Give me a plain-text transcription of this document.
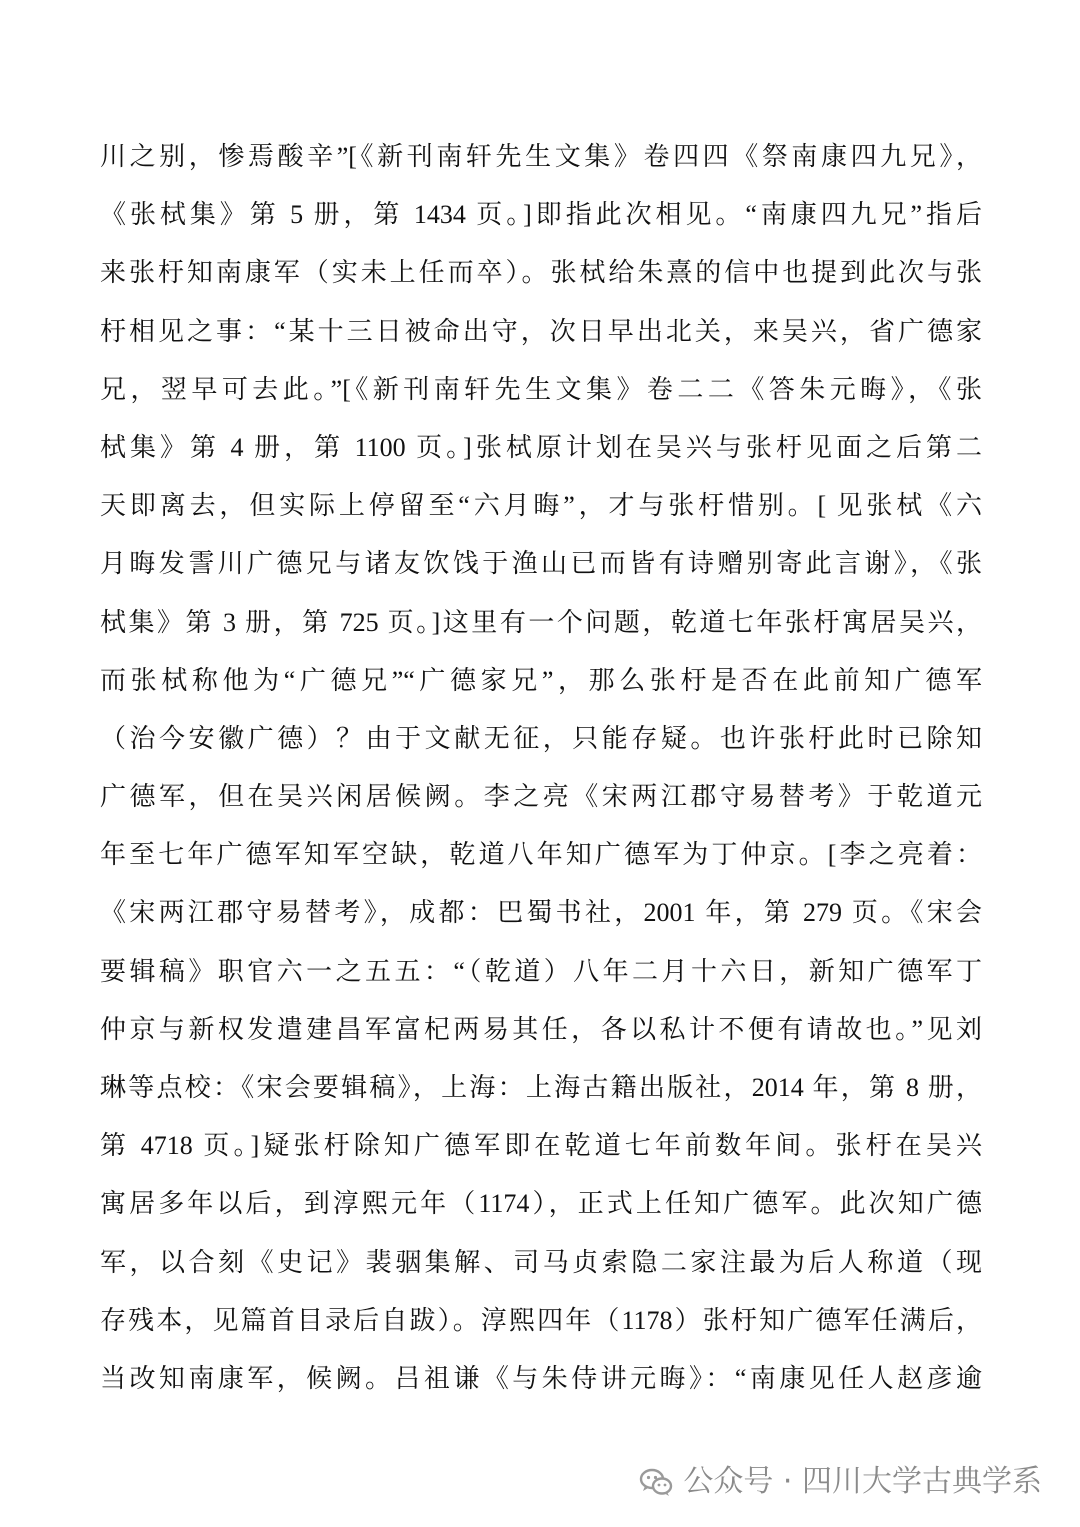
川之别，惨焉酸辛”[《新刊南轩先生文集》卷四四《祭南康四九兄》，
《张栻集》第 5 册，第 1434 页。]即指此次相见。“南康四九兄”指后
来张杅知南康军（实未上任而卒）。张栻给朱熹的信中也提到此次与张
杅相见之事：“某十三日被命出守，次日早出北关，来吴兴，省广德家
兄，翌早可去此。”[《新刊南轩先生文集》卷二二《答朱元晦》，《张
栻集》第 4 册，第 1100 页。]张栻原计划在吴兴与张杅见面之后第二
天即离去，但实际上停留至“六月晦”，才与张杅惜别。[ 见张栻《六
月晦发霅川广德兄与诸友饮饯于渔山已而皆有诗赠别寄此言谢》，《张
栻集》第 3 册，第 725 页。]这里有一个问题，乾道七年张杅寓居吴兴，
而张栻称他为“广德兄”“广德家兄”，那么张杅是否在此前知广德军
（治今安徽广德）？由于文献无征，只能存疑。也许张杅此时已除知
广德军，但在吴兴闲居候阙。李之亮《宋两江郡守易替考》于乾道元
年至七年广德军知军空缺，乾道八年知广德军为丁仲京。[李之亮着：
《宋两江郡守易替考》，成都：巴蜀书社，2001 年，第 279 页。《宋会
要辑稿》职官六一之五五：“（乾道）八年二月十六日，新知广德军丁
仲京与新权发遣建昌军富杞两易其任，各以私计不便有请故也。”见刘
琳等点校：《宋会要辑稿》，上海：上海古籍出版社，2014 年，第 8 册，
第 4718 页。]疑张杅除知广德军即在乾道七年前数年间。张杅在吴兴
寓居多年以后，到淳熙元年（1174），正式上任知广德军。此次知广德
军，以合刻《史记》裴骃集解、司马贞索隐二家注最为后人称道（现
存残本，见篇首目录后自跋）。淳熙四年（1178）张杅知广德军任满后，
当改知南康军，候阙。吕祖谦《与朱侍讲元晦》：“南康见任人赵彦逾
公众号 · 四川大学古典学系
